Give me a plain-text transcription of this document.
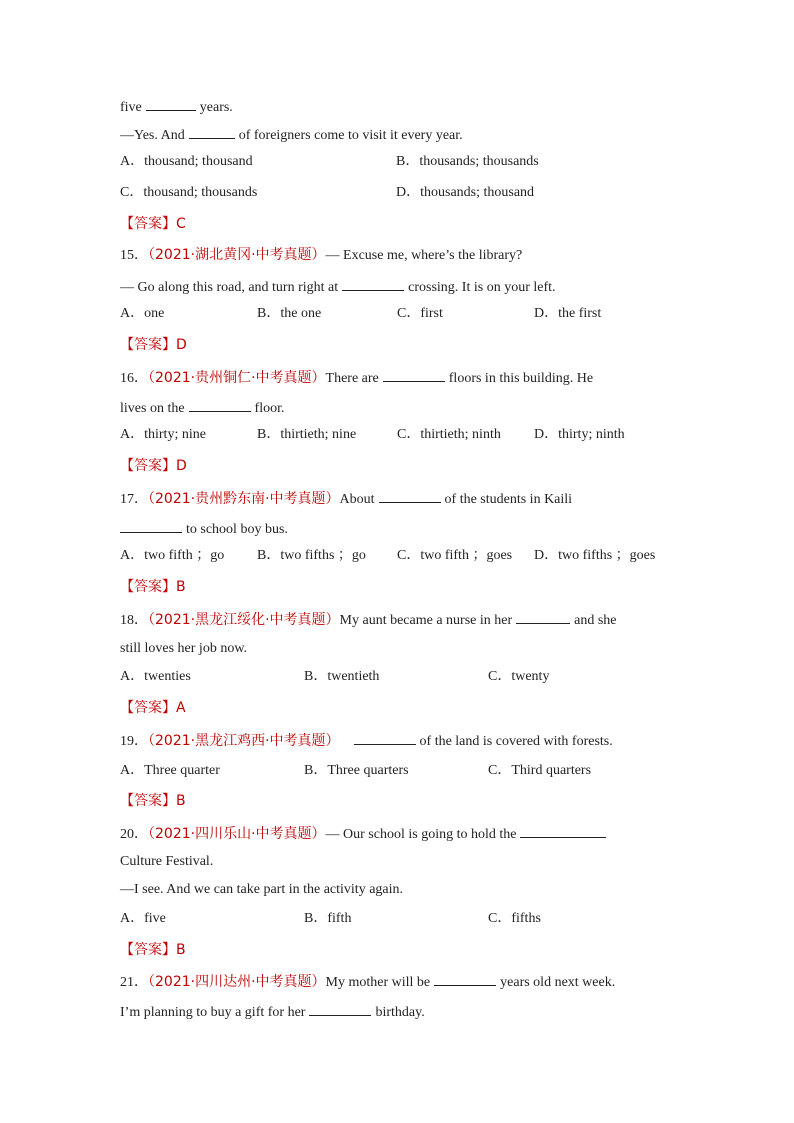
five	years.
—Yes. And	of foreigners come to visit it every year.
A．thousand; thousand	B．thousands; thousands
C．thousand; thousands	D．thousands; thousand
【答案】C
15．（2021·湖北黄冈·中考真题）— Excuse me, where’s the library?
— Go along this road, and turn right at	crossing. It is on your left.
A．one	B．the one	C．first	D．the first
【答案】D
16．（2021·贵州铜仁·中考真题）There are	floors in this building. He
lives on the	floor.
A．thirty; nine	B．thirtieth; nine	C．thirtieth; ninth D．thirty; ninth
【答案】D
17．（2021·贵州黔东南·中考真题）About	of the students in Kaili
to school boy bus.
A．two fifth ；go B．two fifths ；go C．two fifth ；goes D．two fifths ；goes
【答案】B
18．（2021·黑龙江绥化·中考真题）My aunt became a nurse in her	and she
still loves her job now.
A．twenties	B．twentieth	C．twenty
【答案】A
19．（2021·黑龙江鸡西·中考真题）	of the land is covered with forests.
A．Three quarter	B．Three quarters	C．Third quarters
【答案】B
20．（2021·四川乐山·中考真题）— Our school is going to hold the
Culture Festival.
—I see. And we can take part in the activity again.
A．five	B．fifth	C．fifths
【答案】B
21．（2021·四川达州·中考真题）My mother will be	years old next week.
I’m planning to buy a gift for her	birthday.
